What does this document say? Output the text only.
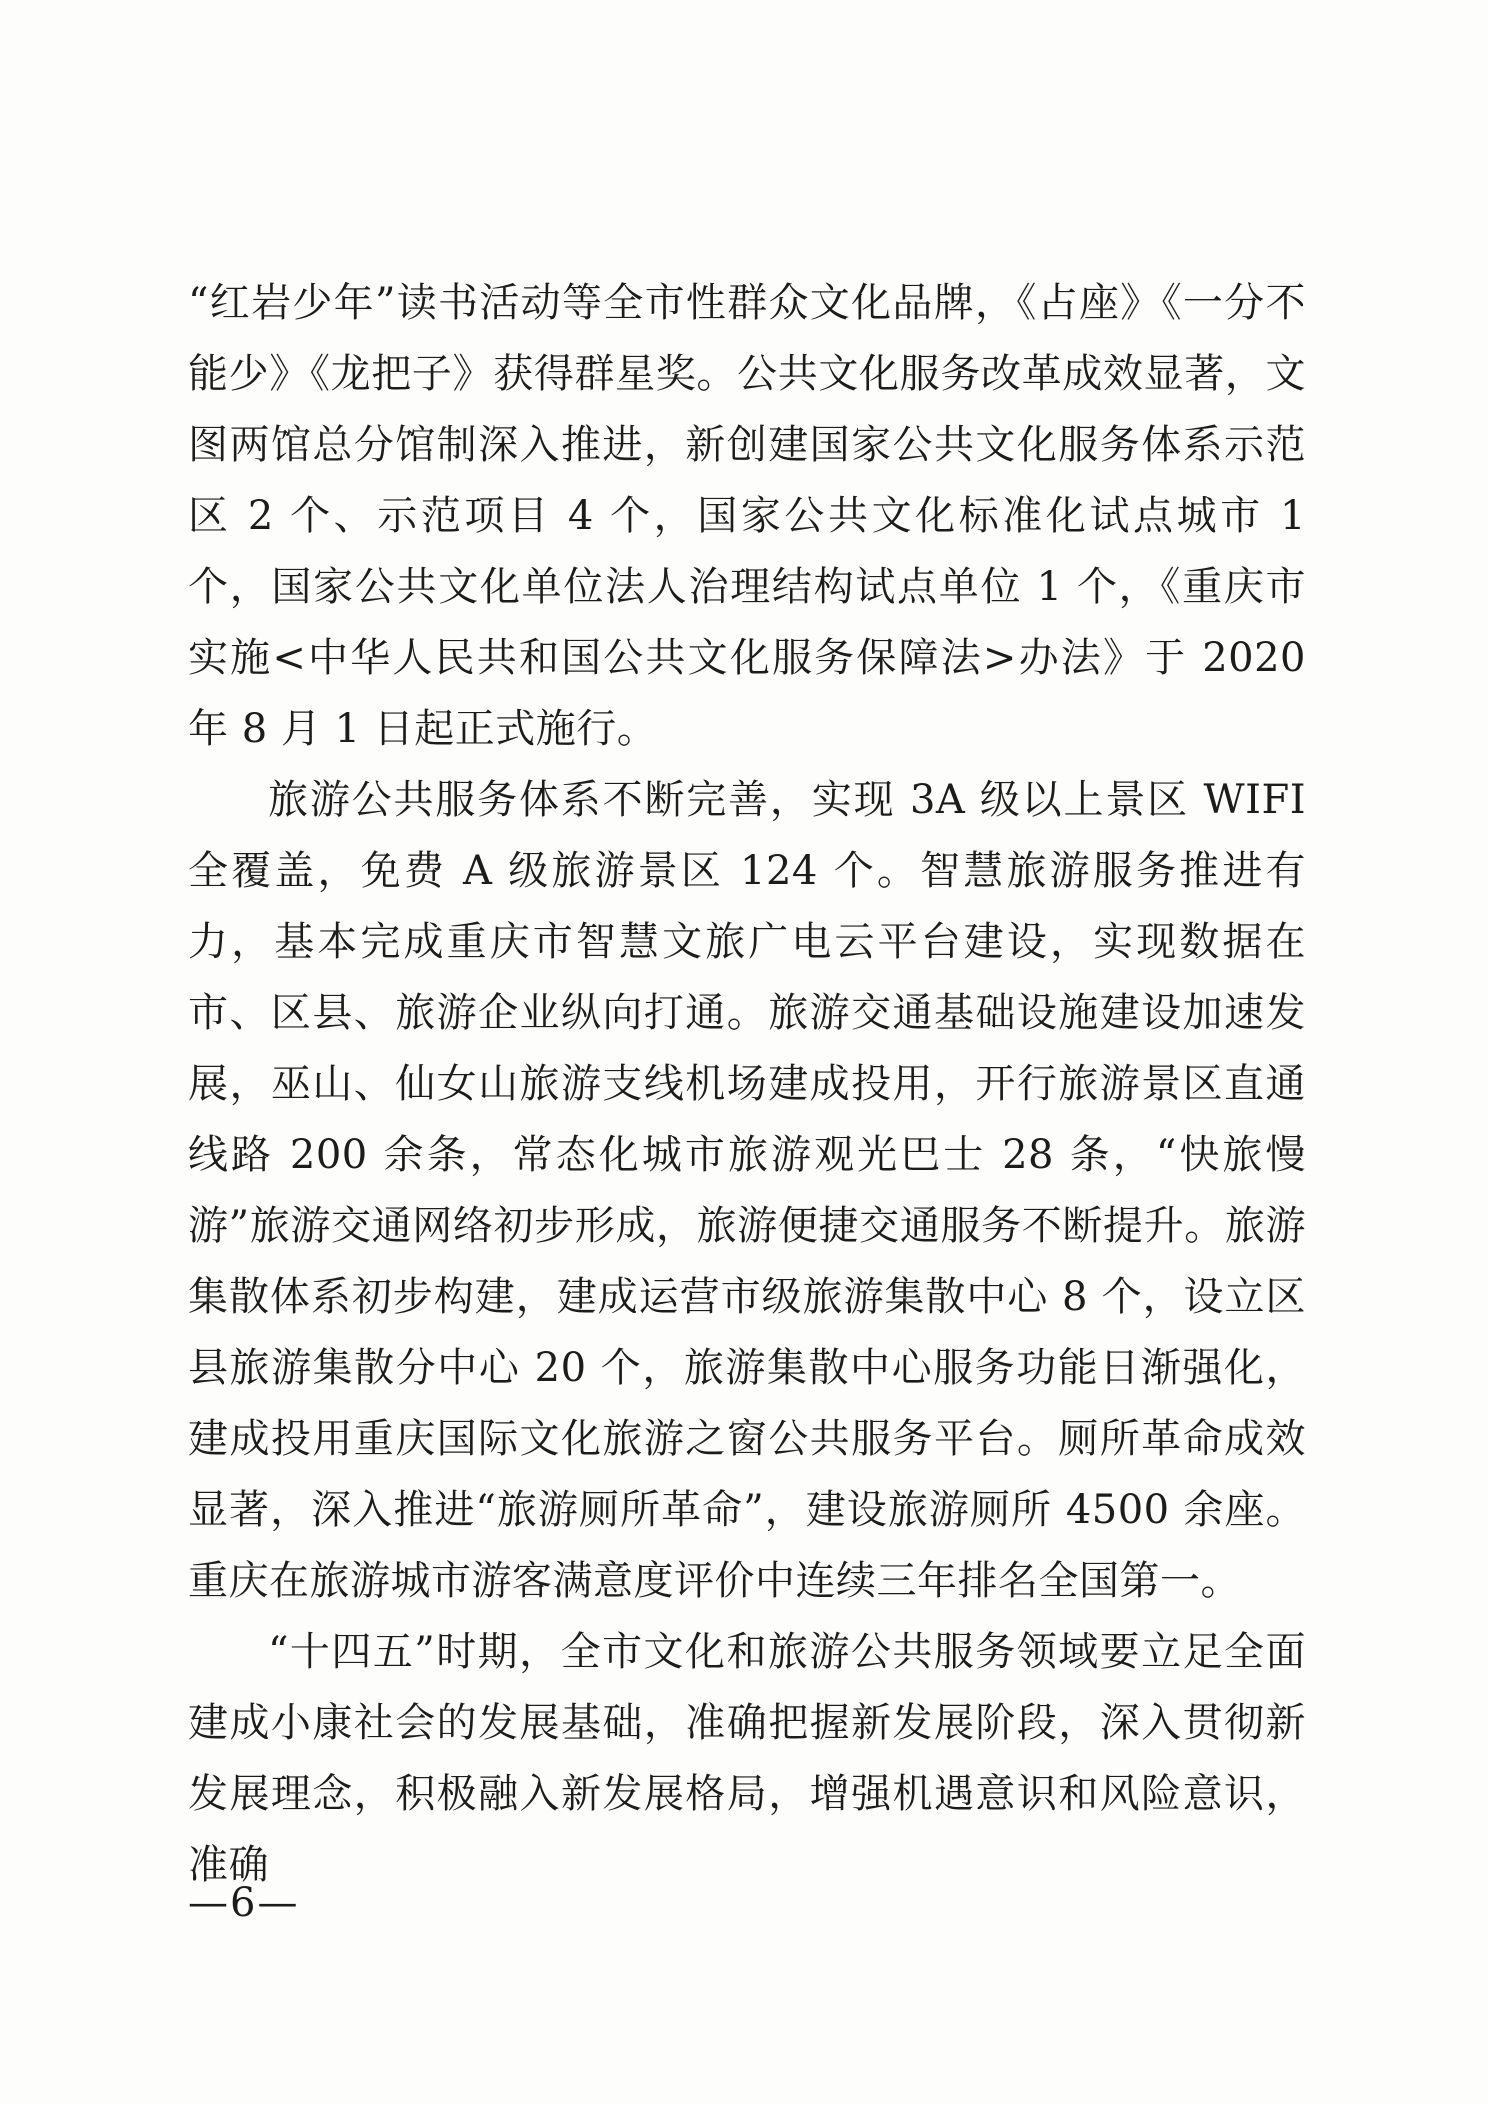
“红岩少年”读书活动等全市性群众文化品牌，《占座》《一分不能少》《龙把子》获得群星奖。公共文化服务改革成效显著，文图两馆总分馆制深入推进，新创建国家公共文化服务体系示范区 2 个、示范项目 4 个，国家公共文化标准化试点城市 1 个，国家公共文化单位法人治理结构试点单位 1 个，《重庆市实施<中华人民共和国公共文化服务保障法>办法》于 2020 年 8 月 1 日起正式施行。

旅游公共服务体系不断完善，实现 3A 级以上景区 WIFI 全覆盖，免费 A 级旅游景区 124 个。智慧旅游服务推进有力，基本完成重庆市智慧文旅广电云平台建设，实现数据在市、区县、旅游企业纵向打通。旅游交通基础设施建设加速发展，巫山、仙女山旅游支线机场建成投用，开行旅游景区直通线路 200 余条，常态化城市旅游观光巴士 28 条，“快旅慢游”旅游交通网络初步形成，旅游便捷交通服务不断提升。旅游集散体系初步构建，建成运营市级旅游集散中心 8 个，设立区县旅游集散分中心 20 个，旅游集散中心服务功能日渐强化，建成投用重庆国际文化旅游之窗公共服务平台。厕所革命成效显著，深入推进“旅游厕所革命”，建设旅游厕所 4500 余座。重庆在旅游城市游客满意度评价中连续三年排名全国第一。

“十四五”时期，全市文化和旅游公共服务领域要立足全面建成小康社会的发展基础，准确把握新发展阶段，深入贯彻新发展理念，积极融入新发展格局，增强机遇意识和风险意识，准确

—6—
